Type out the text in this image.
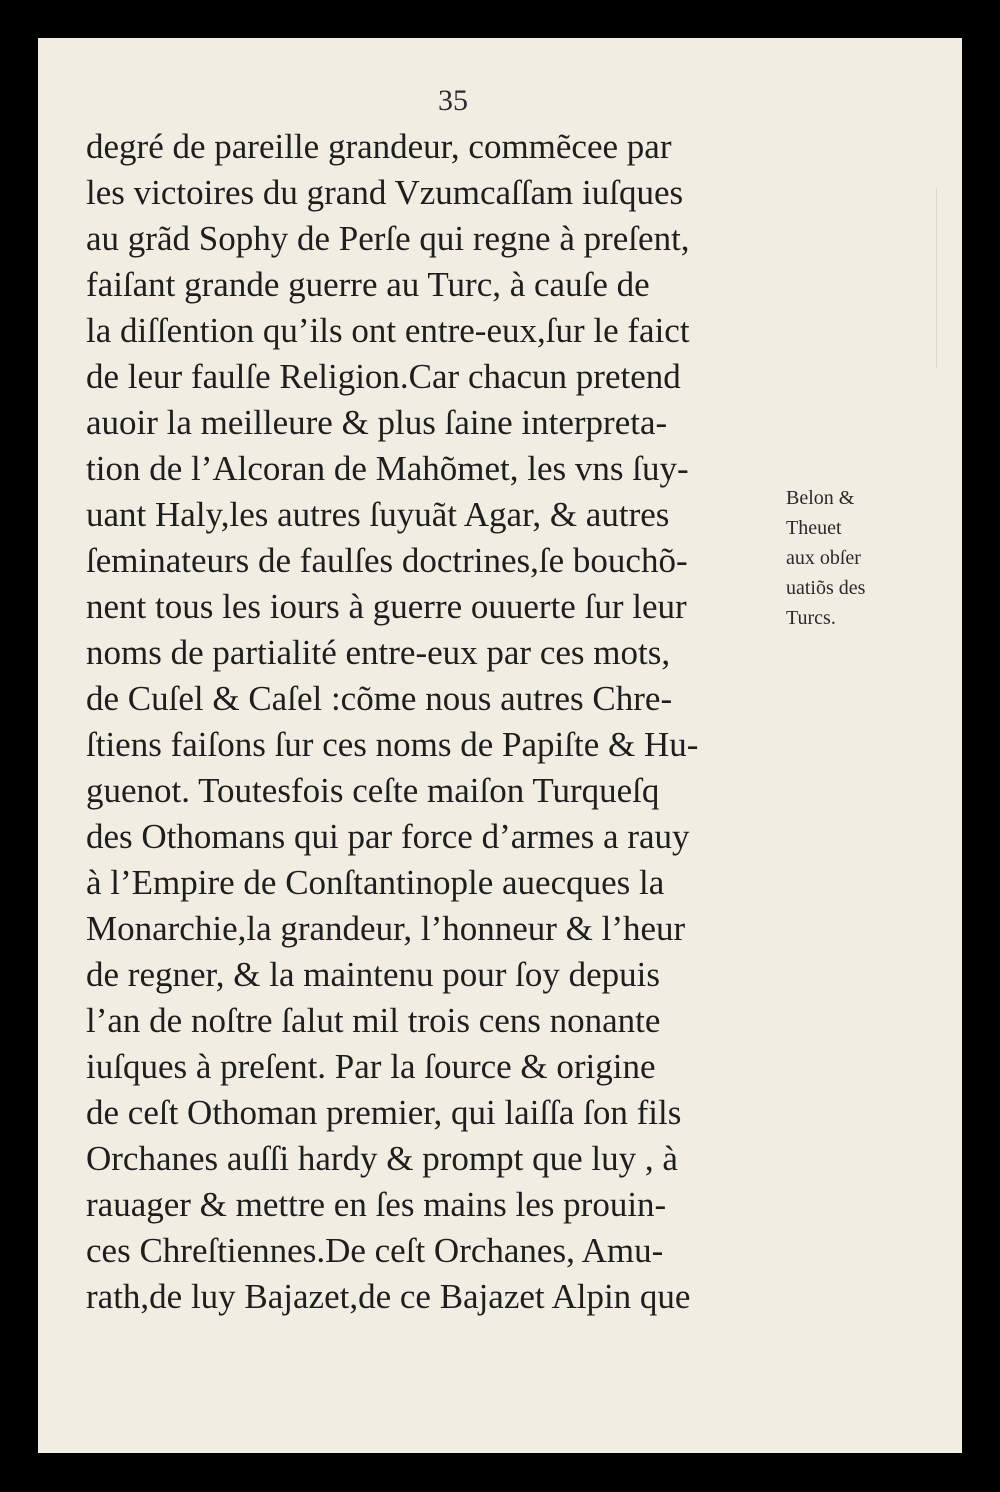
35
degré de pareille grandeur, commẽcee par
les victoires du grand Vzumcaſſam iuſques
au grãd Sophy de Perſe qui regne à preſent,
faiſant grande guerre au Turc, à cauſe de
la diſſention qu’ils ont entre-eux,ſur le faict
de leur faulſe Religion.Car chacun pretend
auoir la meilleure & plus ſaine interpreta-
tion de l’Alcoran de Mahõmet, les vns ſuy-
uant Haly,les autres ſuyuãt Agar, & autres
ſeminateurs de faulſes doctrines,ſe bouchõ-
nent tous les iours à guerre ouuerte ſur leur
noms de partialité entre-eux par ces mots,
de Cuſel & Caſel :cõme nous autres Chre-
ſtiens faiſons ſur ces noms de Papiſte & Hu-
guenot. Toutesfois ceſte maiſon Turqueſq
des Othomans qui par force d’armes a rauy
à l’Empire de Conſtantinople auecques la
Monarchie,la grandeur, l’honneur & l’heur
de regner, & la maintenu pour ſoy depuis
l’an de noſtre ſalut mil trois cens nonante
iuſques à preſent. Par la ſource & origine
de ceſt Othoman premier, qui laiſſa ſon fils
Orchanes auſſi hardy & prompt que luy , à
rauager & mettre en ſes mains les prouin-
ces Chreſtiennes.De ceſt Orchanes, Amu-
rath,de luy Bajazet,de ce Bajazet Alpin que
Belon &
Theuet
aux obſer
uatiõs des
Turcs.
